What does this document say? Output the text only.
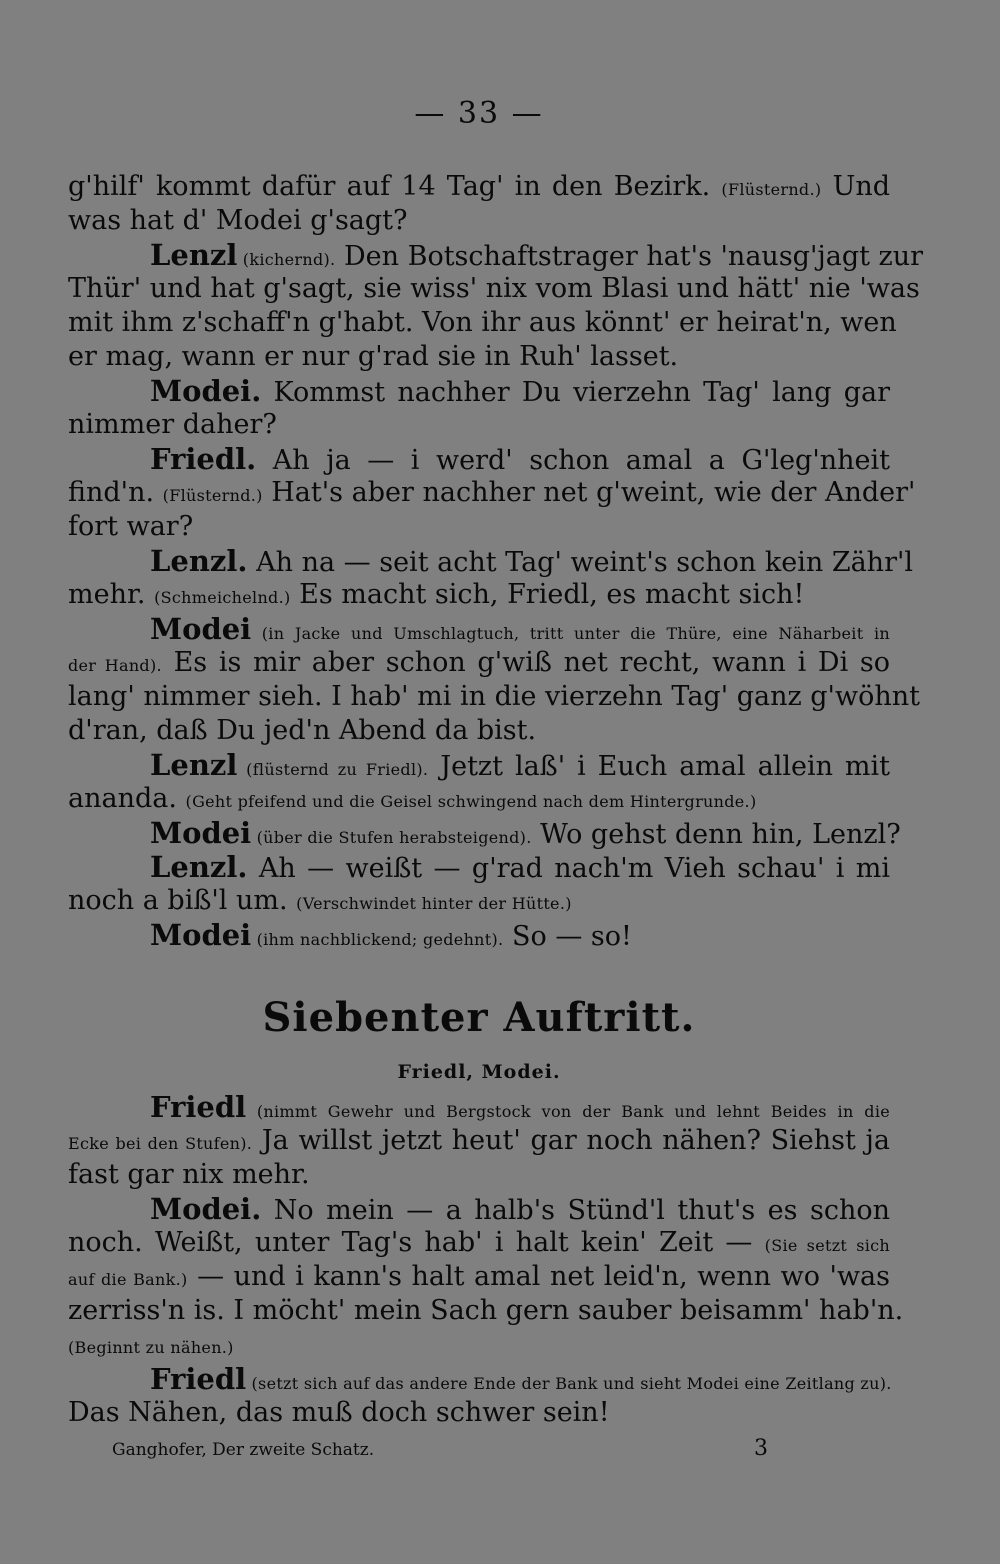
— 33 —
g'hilf' kommt dafür auf 14 Tag' in den Bezirk. (Flüsternd.) Und
was hat d' Modei g'sagt?
Lenzl (kichernd). Den Botschaftstrager hat's 'nausg'jagt zur
Thür' und hat g'sagt, sie wiss' nix vom Blasi und hätt' nie 'was
mit ihm z'schaff'n g'habt. Von ihr aus könnt' er heirat'n, wen
er mag, wann er nur g'rad sie in Ruh' lasset.
Modei. Kommst nachher Du vierzehn Tag' lang gar
nimmer daher?
Friedl. Ah ja — i werd' schon amal a G'leg'nheit
find'n. (Flüsternd.) Hat's aber nachher net g'weint, wie der Ander'
fort war?
Lenzl. Ah na — seit acht Tag' weint's schon kein Zähr'l
mehr. (Schmeichelnd.) Es macht sich, Friedl, es macht sich!
Modei (in Jacke und Umschlagtuch, tritt unter die Thüre, eine Näharbeit in
der Hand). Es is mir aber schon g'wiß net recht, wann i Di so
lang' nimmer sieh. I hab' mi in die vierzehn Tag' ganz g'wöhnt
d'ran, daß Du jed'n Abend da bist.
Lenzl (flüsternd zu Friedl). Jetzt laß' i Euch amal allein mit
ananda. (Geht pfeifend und die Geisel schwingend nach dem Hintergrunde.)
Modei (über die Stufen herabsteigend). Wo gehst denn hin, Lenzl?
Lenzl. Ah — weißt — g'rad nach'm Vieh schau' i mi
noch a biß'l um. (Verschwindet hinter der Hütte.)
Modei (ihm nachblickend; gedehnt). So — so!
Siebenter Auftritt.
Friedl, Modei.
Friedl (nimmt Gewehr und Bergstock von der Bank und lehnt Beides in die
Ecke bei den Stufen). Ja willst jetzt heut' gar noch nähen? Siehst ja
fast gar nix mehr.
Modei. No mein — a halb's Stünd'l thut's es schon
noch. Weißt, unter Tag's hab' i halt kein' Zeit — (Sie setzt sich
auf die Bank.) — und i kann's halt amal net leid'n, wenn wo 'was
zerriss'n is. I möcht' mein Sach gern sauber beisamm' hab'n.
(Beginnt zu nähen.)
Friedl (setzt sich auf das andere Ende der Bank und sieht Modei eine Zeitlang zu).
Das Nähen, das muß doch schwer sein!
Ganghofer, Der zweite Schatz.	3
